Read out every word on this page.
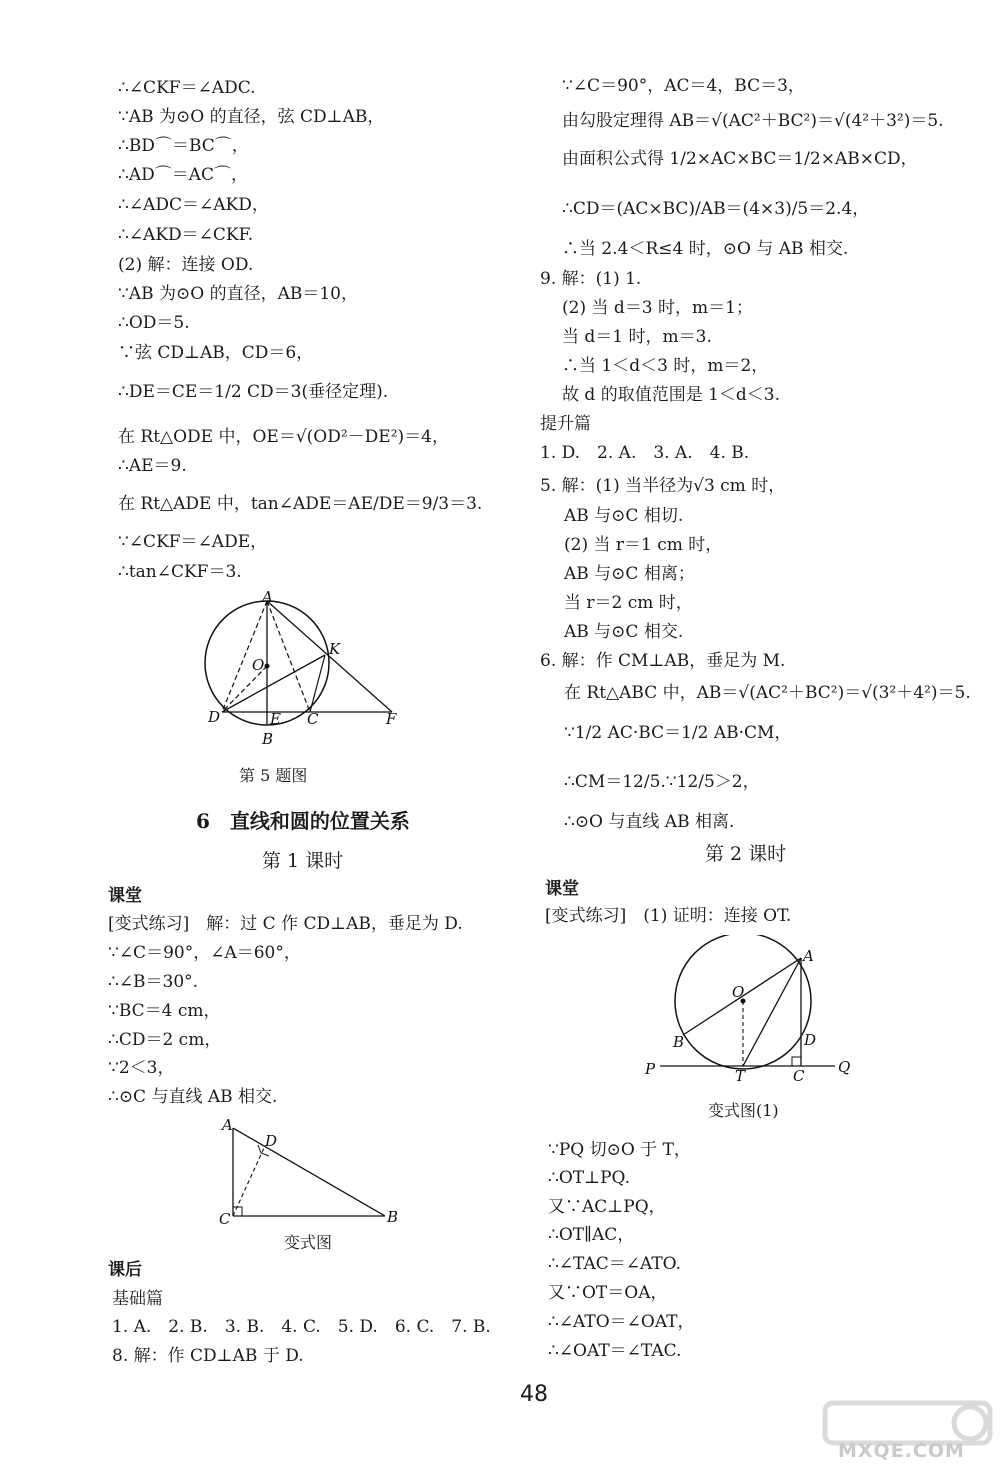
∴∠CKF＝∠ADC.
∵AB 为⊙O 的直径，弦 CD⊥AB，
∴BD⌒＝BC⌒，
∴AD⌒＝AC⌒，
∴∠ADC＝∠AKD，
∴∠AKD＝∠CKF.
(2) 解：连接 OD.
∵AB 为⊙O 的直径，AB＝10，
∴OD＝5.
∵弦 CD⊥AB，CD＝6，
∴DE＝CE＝1/2 CD＝3(垂径定理).
在 Rt△ODE 中，OE＝√(OD²－DE²)＝4，
∴AE＝9.
在 Rt△ADE 中，tan∠ADE＝AE/DE＝9/3＝3.
∵∠CKF＝∠ADE，
∴tan∠CKF＝3.
A
O
K
D	E C	F
B
第 5 题图
6　直线和圆的位置关系
第 1 课时
课堂
[变式练习]　解：过 C 作 CD⊥AB，垂足为 D.
∵∠C＝90°，∠A＝60°，
∴∠B＝30°.
∵BC＝4 cm，
∴CD＝2 cm，
∵2＜3，
∴⊙C 与直线 AB 相交.
A
D
C	B
变式图
课后
基础篇
1. A.　2. B.　3. B.　4. C.　5. D.　6. C.　7. B.
8. 解：作 CD⊥AB 于 D.
∵∠C＝90°，AC＝4，BC＝3，
由勾股定理得 AB＝√(AC²＋BC²)＝√(4²＋3²)＝5.
由面积公式得 1/2×AC×BC＝1/2×AB×CD，
∴CD＝(AC×BC)/AB＝(4×3)/5＝2.4，
∴当 2.4＜R≤4 时，⊙O 与 AB 相交.
9. 解：(1) 1.
(2) 当 d＝3 时，m＝1；
当 d＝1 时，m＝3.
∴当 1＜d＜3 时，m＝2，
故 d 的取值范围是 1＜d＜3.
提升篇
1. D.　2. A.　3. A.　4. B.
5. 解：(1) 当半径为√3 cm 时，
AB 与⊙C 相切.
(2) 当 r＝1 cm 时，
AB 与⊙C 相离；
当 r＝2 cm 时，
AB 与⊙C 相交.
6. 解：作 CM⊥AB，垂足为 M.
在 Rt△ABC 中，AB＝√(AC²＋BC²)＝√(3²＋4²)＝5.
∵1/2 AC·BC＝1/2 AB·CM，
∴CM＝12/5.∵12/5＞2，
∴⊙O 与直线 AB 相离.
第 2 课时
课堂
[变式练习]　(1) 证明：连接 OT.
A
O
B	D
P	T	C Q
变式图(1)
∵PQ 切⊙O 于 T，
∴OT⊥PQ.
又∵AC⊥PQ，
∴OT∥AC，
∴∠TAC＝∠ATO.
又∵OT＝OA，
∴∠ATO＝∠OAT，
∴∠OAT＝∠TAC.
48
MXQE.COM
